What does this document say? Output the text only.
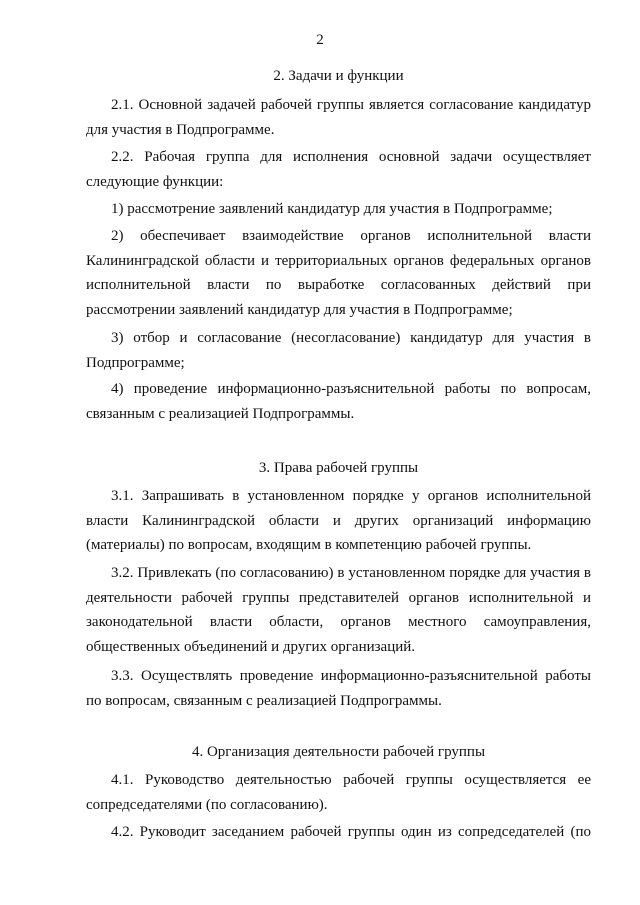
2
2. Задачи и функции

2.1. Основной задачей рабочей группы является согласование кандидатур для участия в Подпрограмме.

2.2. Рабочая группа для исполнения основной задачи осуществляет следующие функции:

1) рассмотрение заявлений кандидатур для участия в Подпрограмме;

2) обеспечивает взаимодействие органов исполнительной власти Калининградской области и территориальных органов федеральных органов исполнительной власти по выработке согласованных действий при рассмотрении заявлений кандидатур для участия в Подпрограмме;

3) отбор и согласование (несогласование) кандидатур для участия в Подпрограмме;

4) проведение информационно-разъяснительной работы по вопросам, связанным с реализацией Подпрограммы.

3. Права рабочей группы

3.1. Запрашивать в установленном порядке у органов исполнительной власти Калининградской области и других организаций информацию (материалы) по вопросам, входящим в компетенцию рабочей группы.

3.2. Привлекать (по согласованию) в установленном порядке для участия в деятельности рабочей группы представителей органов исполнительной и законодательной власти области, органов местного самоуправления, общественных объединений и других организаций.

3.3. Осуществлять проведение информационно-разъяснительной работы по вопросам, связанным с реализацией Подпрограммы.

4. Организация деятельности рабочей группы

4.1. Руководство деятельностью рабочей группы осуществляется ее сопредседателями (по согласованию).

4.2. Руководит заседанием рабочей группы один из сопредседателей (по
